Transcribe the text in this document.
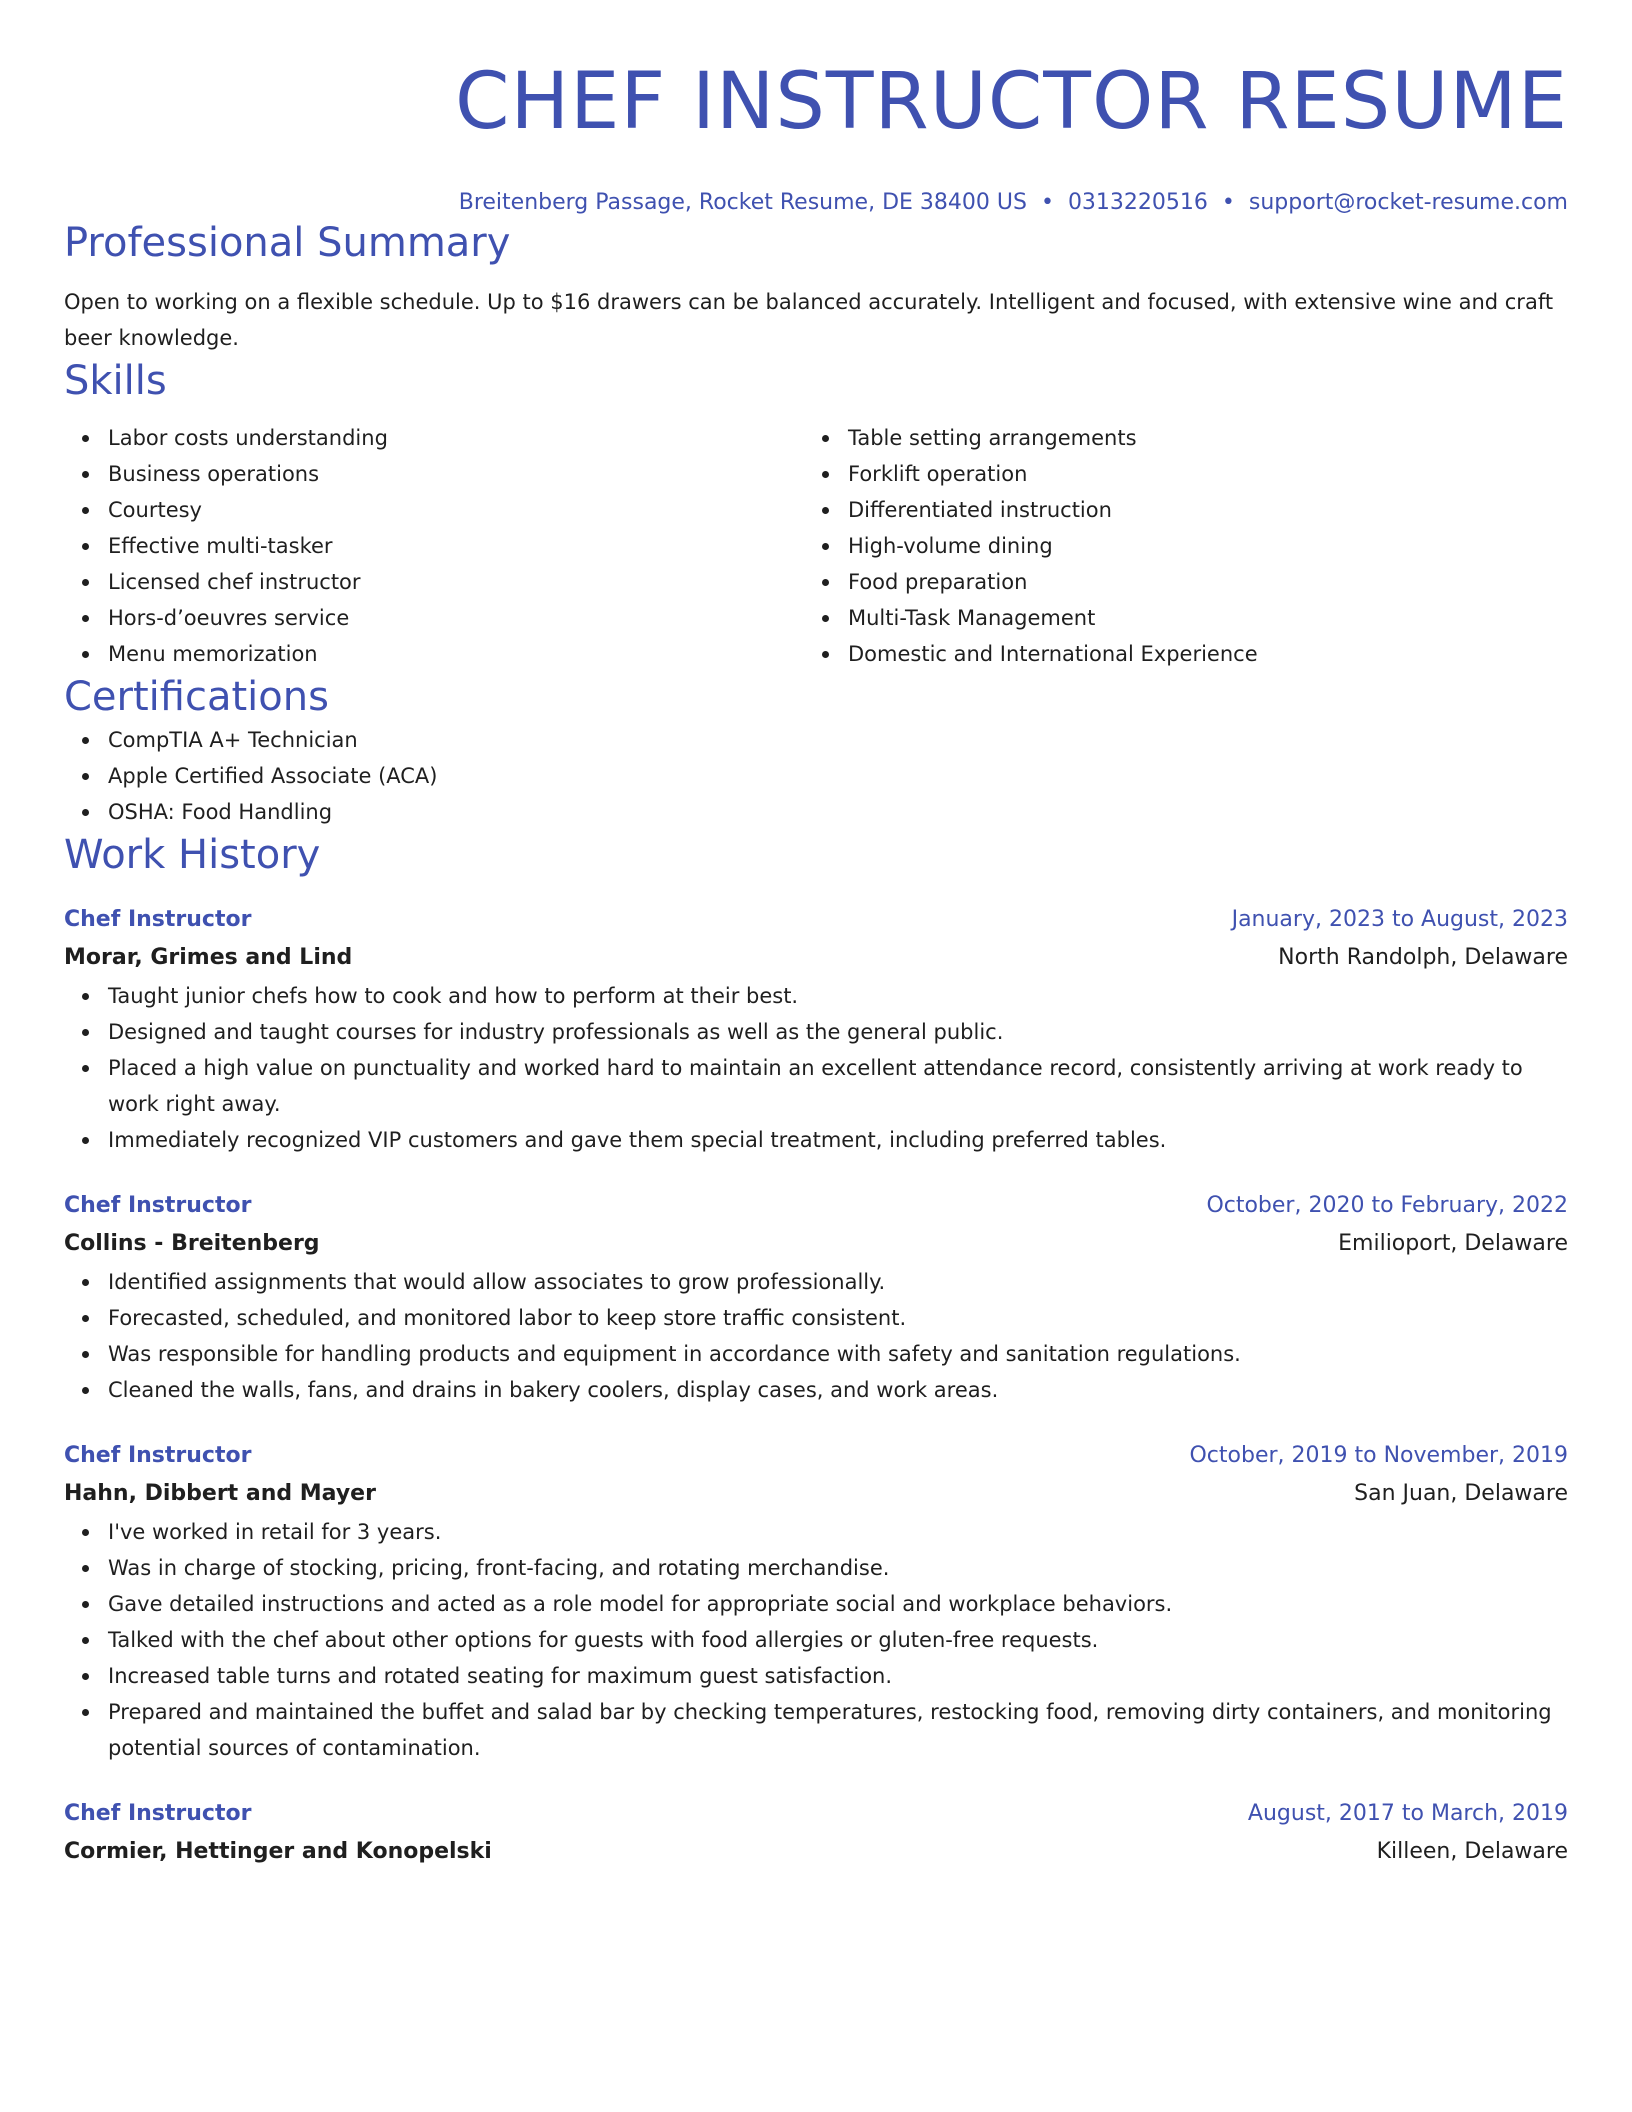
CHEF INSTRUCTOR RESUME
Breitenberg Passage, Rocket Resume, DE 38400 US • 0313220516 • support@rocket-resume.com
Professional Summary
Open to working on a flexible schedule. Up to $16 drawers can be balanced accurately. Intelligent and focused, with extensive wine and craft beer knowledge.
Skills
Labor costs understanding
Business operations
Courtesy
Effective multi-tasker
Licensed chef instructor
Hors-d’oeuvres service
Menu memorization
Table setting arrangements
Forklift operation
Differentiated instruction
High-volume dining
Food preparation
Multi-Task Management
Domestic and International Experience
Certifications
CompTIA A+ Technician
Apple Certified Associate (ACA)
OSHA: Food Handling
Work History
Chef Instructor	January, 2023 to August, 2023
Morar, Grimes and Lind	North Randolph, Delaware
Taught junior chefs how to cook and how to perform at their best.
Designed and taught courses for industry professionals as well as the general public.
Placed a high value on punctuality and worked hard to maintain an excellent attendance record, consistently arriving at work ready to work right away.
Immediately recognized VIP customers and gave them special treatment, including preferred tables.
Chef Instructor	October, 2020 to February, 2022
Collins - Breitenberg	Emilioport, Delaware
Identified assignments that would allow associates to grow professionally.
Forecasted, scheduled, and monitored labor to keep store traffic consistent.
Was responsible for handling products and equipment in accordance with safety and sanitation regulations.
Cleaned the walls, fans, and drains in bakery coolers, display cases, and work areas.
Chef Instructor	October, 2019 to November, 2019
Hahn, Dibbert and Mayer	San Juan, Delaware
I've worked in retail for 3 years.
Was in charge of stocking, pricing, front-facing, and rotating merchandise.
Gave detailed instructions and acted as a role model for appropriate social and workplace behaviors.
Talked with the chef about other options for guests with food allergies or gluten-free requests.
Increased table turns and rotated seating for maximum guest satisfaction.
Prepared and maintained the buffet and salad bar by checking temperatures, restocking food, removing dirty containers, and monitoring potential sources of contamination.
Chef Instructor	August, 2017 to March, 2019
Cormier, Hettinger and Konopelski	Killeen, Delaware
